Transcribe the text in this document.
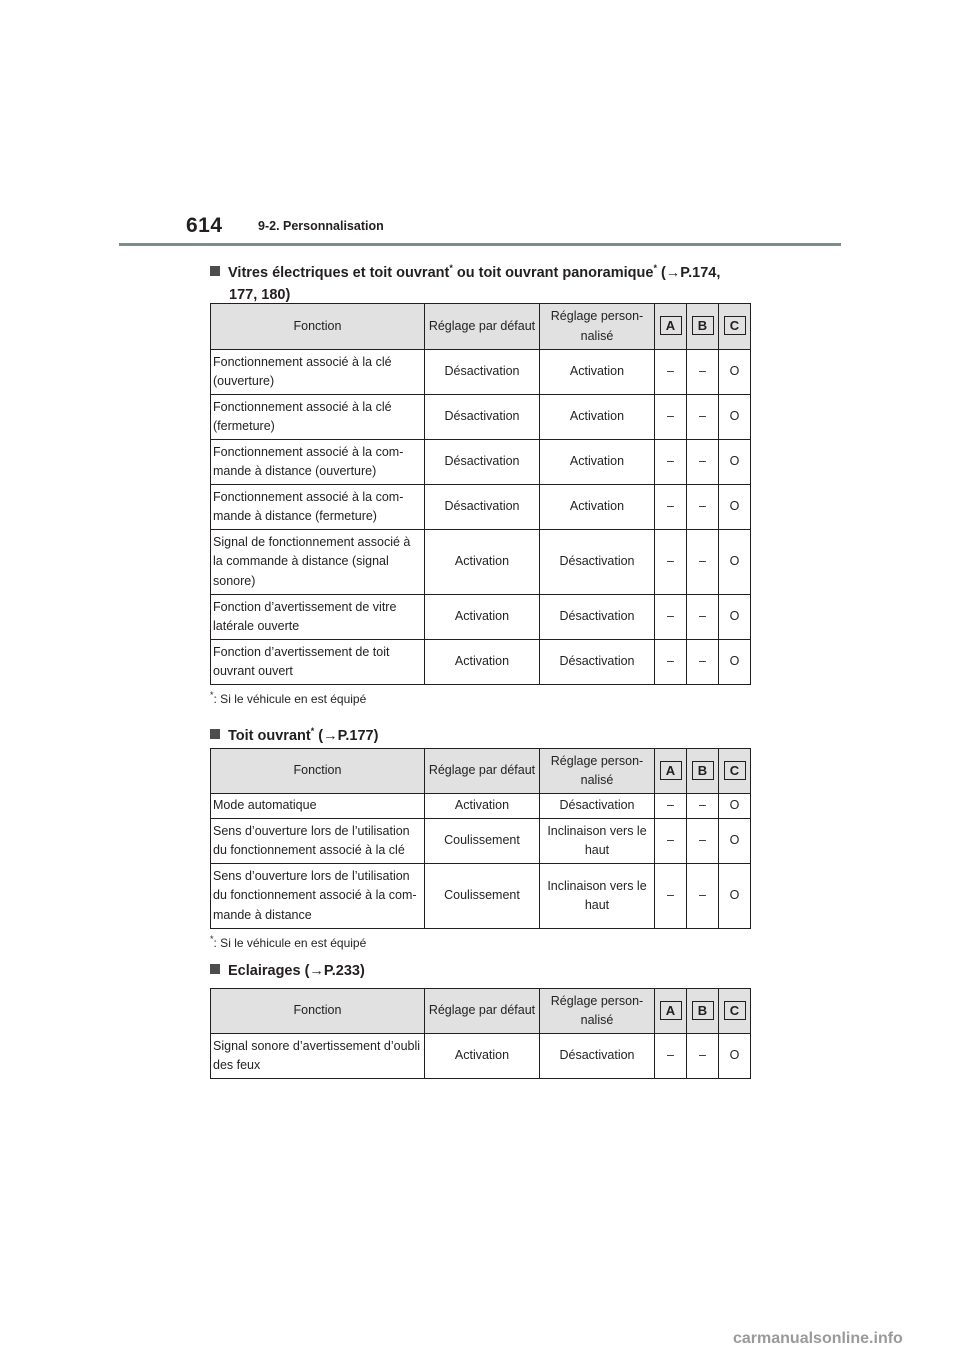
614	9-2. Personnalisation
Vitres électriques et toit ouvrant* ou toit ouvrant panoramique* (→P.174,
177, 180)
Fonction	Réglage par défaut	Réglage person- nalisé	A	B	C
Fonctionnement associé à la clé (ouverture)	Désactivation	Activation	–	–	O
Fonctionnement associé à la clé (fermeture)	Désactivation	Activation	–	–	O
Fonctionnement associé à la com- mande à distance (ouverture)	Désactivation	Activation	–	–	O
Fonctionnement associé à la com- mande à distance (fermeture)	Désactivation	Activation	–	–	O
Signal de fonctionnement associé à la commande à distance (signal sonore)	Activation	Désactivation	–	–	O
Fonction d’avertissement de vitre latérale ouverte	Activation	Désactivation	–	–	O
Fonction d’avertissement de toit ouvrant ouvert	Activation	Désactivation	–	–	O
*: Si le véhicule en est équipé
Toit ouvrant* (→P.177)
Fonction	Réglage par défaut	Réglage person- nalisé	A	B	C
Mode automatique	Activation	Désactivation	–	–	O
Sens d’ouverture lors de l’utilisation du fonctionnement associé à la clé	Coulissement	Inclinaison vers le haut	–	–	O
Sens d’ouverture lors de l’utilisation du fonctionnement associé à la com- mande à distance	Coulissement	Inclinaison vers le haut	–	–	O
*: Si le véhicule en est équipé
Eclairages (→P.233)
Fonction	Réglage par défaut	Réglage person- nalisé	A	B	C
Signal sonore d’avertissement d’oubli des feux	Activation	Désactivation	–	–	O
carmanualsonline.info
